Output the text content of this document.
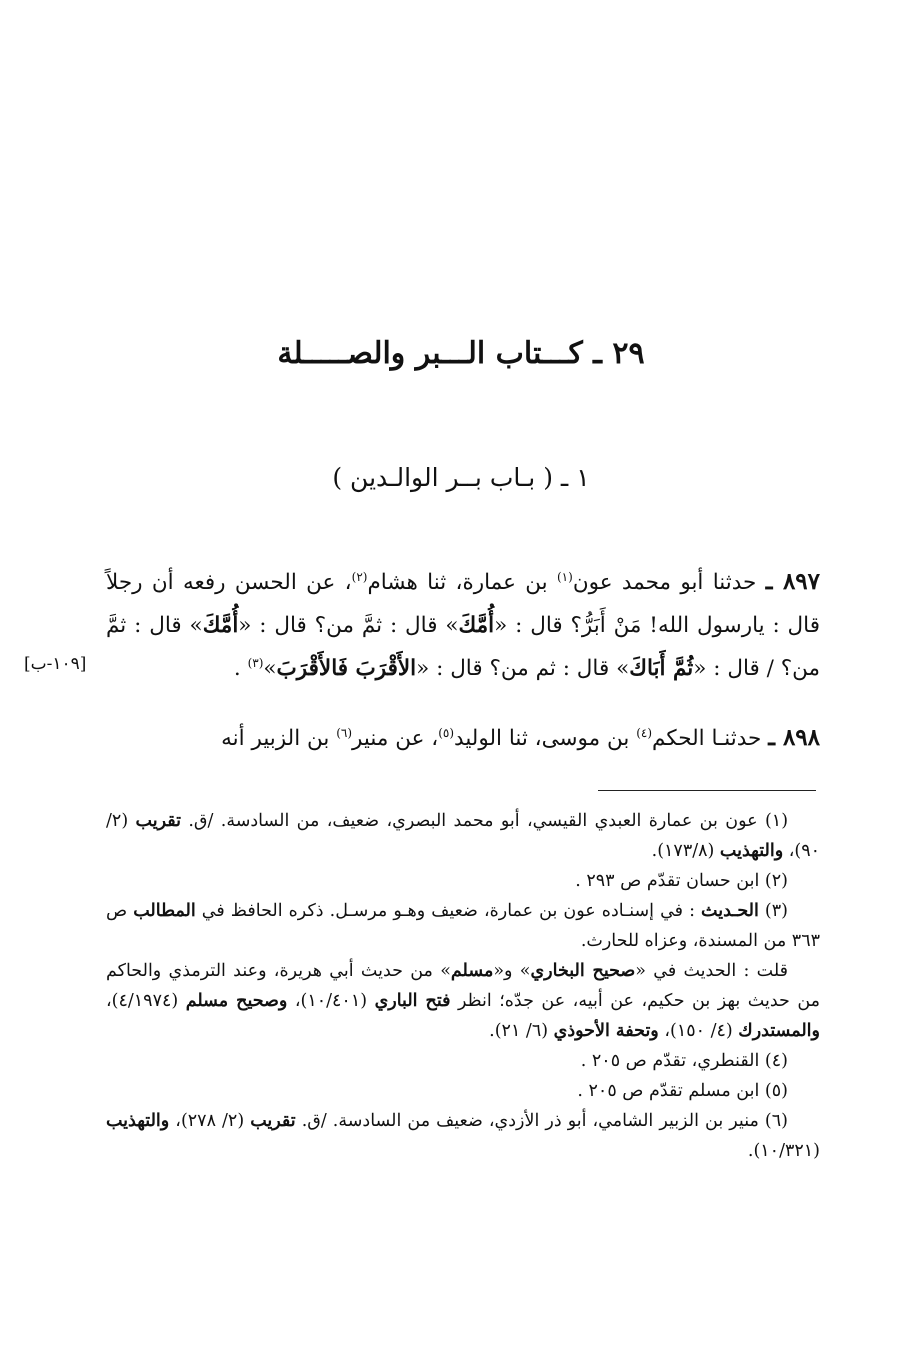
٢٩ ـ كـــتاب الـــبر والصـــــلة
١ ـ ( بـاب بــر الوالـدين )
٨٩٧ ـ حدثنا أبو محمد عون$^{(١)}$ بن عمارة، ثنا هشام$^{(٢)}$، عن الحسن رفعه أن رجلاً قال : يارسول الله! مَنْ أَبَرُّ؟ قال : «أُمَّكَ» قال : ثمَّ من؟ قال : «أُمَّكَ» قال : ثمَّ من؟ / قال : «ثُمَّ أَبَاكَ» قال : ثم من؟ قال : «الأَقْرَبَ فَالأَقْرَبَ»$^{(٣)}$ .
[١٠٩-ب]
٨٩٨ ـ حدثنـا الحكم$^{(٤)}$ بن موسى، ثنا الوليد$^{(٥)}$، عن منير$^{(٦)}$ بن الزبير أنه

(١) عون بن عمارة العبدي القيسي، أبو محمد البصري، ضعيف، من السادسة. /ق. تقريب (٢/ ٩٠)، والتهذيب (١٧٣/٨).

(٢) ابن حسان تقدّم ص ٢٩٣ .

(٣) الحـديث : في إسنـاده عون بن عمارة، ضعيف وهـو مرسـل. ذكره الحافظ في المطالب ص ٣٦٣ من المسندة، وعزاه للحارث.

قلت : الحديث في «صحيح البخاري» و«مسلم» من حديث أبي هريرة، وعند الترمذي والحاكم من حديث بهز بن حكيم، عن أبيه، عن جدّه؛ انظر فتح الباري (١٠/٤٠١)، وصحيح مسلم (٤/١٩٧٤)، والمستدرك (٤/ ١٥٠)، وتحفة الأحوذي (٦/ ٢١).

(٤) القنطري، تقدّم ص ٢٠٥ .

(٥) ابن مسلم تقدّم ص ٢٠٥ .

(٦) منير بن الزبير الشامي، أبو ذر الأزدي، ضعيف من السادسة. /ق. تقريب (٢/ ٢٧٨)، والتهذيب (١٠/٣٢١).
